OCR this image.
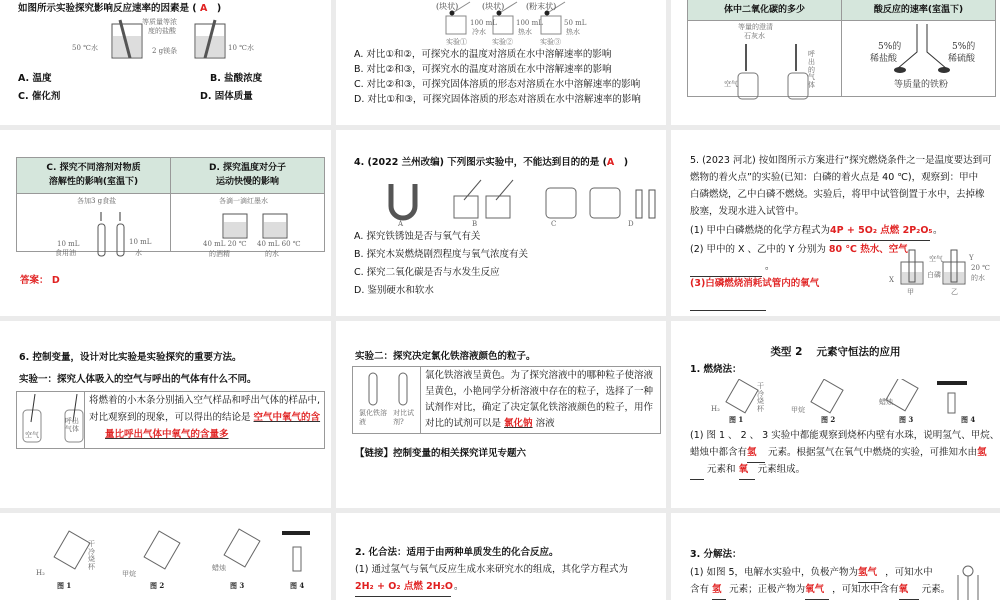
如图所示实验探究影响反应速率的因素是 ( A　 )
等质量等浓
度的盐酸
50 ℃水	2 g镁条	10 ℃水
A. 温度	B. 盐酸浓度
C. 催化剂	D. 固体质量
(块状)	(块状)	(粉末状)
100 mL
冷水
100 mL
热水
50 mL
热水
实验①	实验②	实验③
A. 对比①和②，可探究水的温度对溶质在水中溶解速率的影响
B. 对比②和③，可探究水的温度对溶质在水中溶解速率的影响
C. 对比②和③，可探究固体溶质的形态对溶质在水中溶解速率的影响
D. 对比①和③，可探究固体溶质的形态对溶质在水中溶解速率的影响
体中二氧化碳的多少
等量的澄清
石灰水
空气
呼出的气体
酸反应的速率(室温下)
5%的
稀盐酸
5%的
稀硫酸
等质量的铁粉
C. 探究不同溶剂对物质
溶解性的影响(室温下)
各加3 g食盐
10 mL
食用油
10 mL
水
D. 探究温度对分子
运动快慢的影响
各滴一滴红墨水
40 mL 20 ℃
的酒精
40 mL 60 ℃
的水
答案： D
4. (2022 兰州改编) 下列图示实验中，不能达到目的的是 (A　 )
A	B	C	D
A. 探究铁锈蚀是否与氧气有关
B. 探究木炭燃烧剧烈程度与氧气浓度有关
C. 探究二氧化碳是否与水发生反应
D. 鉴别硬水和软水
5. (2023 河北) 按如图所示方案进行“探究燃烧条件之一是温度要达到可
燃物的着火点”的实验(已知：白磷的着火点是 40 ℃)，观察到：甲中
白磷燃烧，乙中白磷不燃烧。实验后，将甲中试管倒置于水中，去掉橡
胶塞，发现水进入试管中。
(1) 甲中白磷燃烧的化学方程式为4P + 5O₂ 点燃 2P₂O₅ 。
(2) 甲中的 X 、乙中的 Y 分别为 80 ℃ 热水、空气
。
(3)白磷燃烧消耗试管内的氧气

空气
白磷
X
甲
Y
20 ℃
的水
乙
6. 控制变量，设计对比实验是实验探究的重要方法。
实验一：探究人体吸入的空气与呼出的气体有什么不同。
空气
呼出气体
将燃着的小木条分别插入空气样品和呼出气体的样品中,
对比观察到的现象，可以得出的结论是 空气中氧气的含
量比呼出气体中氧气的含量多
实验二：探究决定氯化铁溶液颜色的粒子。
氯化铁溶液
对比试剂?
氯化铁溶液呈黄色。为了探究溶液中的哪种粒子使溶液
呈黄色，小艳同学分析溶液中存在的粒子，选择了一种
试剂作对比，确定了决定氯化铁溶液颜色的粒子，用作
对比的试剂可以是 氯化钠 溶液
【链接】控制变量的相关探究详见专题六
类型 2　 元素守恒法的应用
1. 燃烧法：
H₂	甲烷
蜡烛
干冷烧杯
图 1	图 2	图 3	图 4
(1) 图 1 、 2 、 3 实验中都能观察到烧杯内壁有水珠，说明氢气、甲烷、
蜡烛中都含有氢 元素。根据氢气在氧气中燃烧的实验，可推知水由氢
元素和 氧 元素组成。
H₂	甲烷
蜡烛
干冷烧杯
图 1	图 2	图 3	图 4
2. 化合法：适用于由两种单质发生的化合反应。
(1) 通过氢气与氧气反应生成水来研究水的组成，其化学方程式为
2H₂ + O₂ 点燃 2H₂O 。
3. 分解法：
(1) 如图 5，电解水实验中，负极产物为氢气 ，可知水中
含有 氢 元素；正极产物为氧气 ，可知水中含有氧 元素。
